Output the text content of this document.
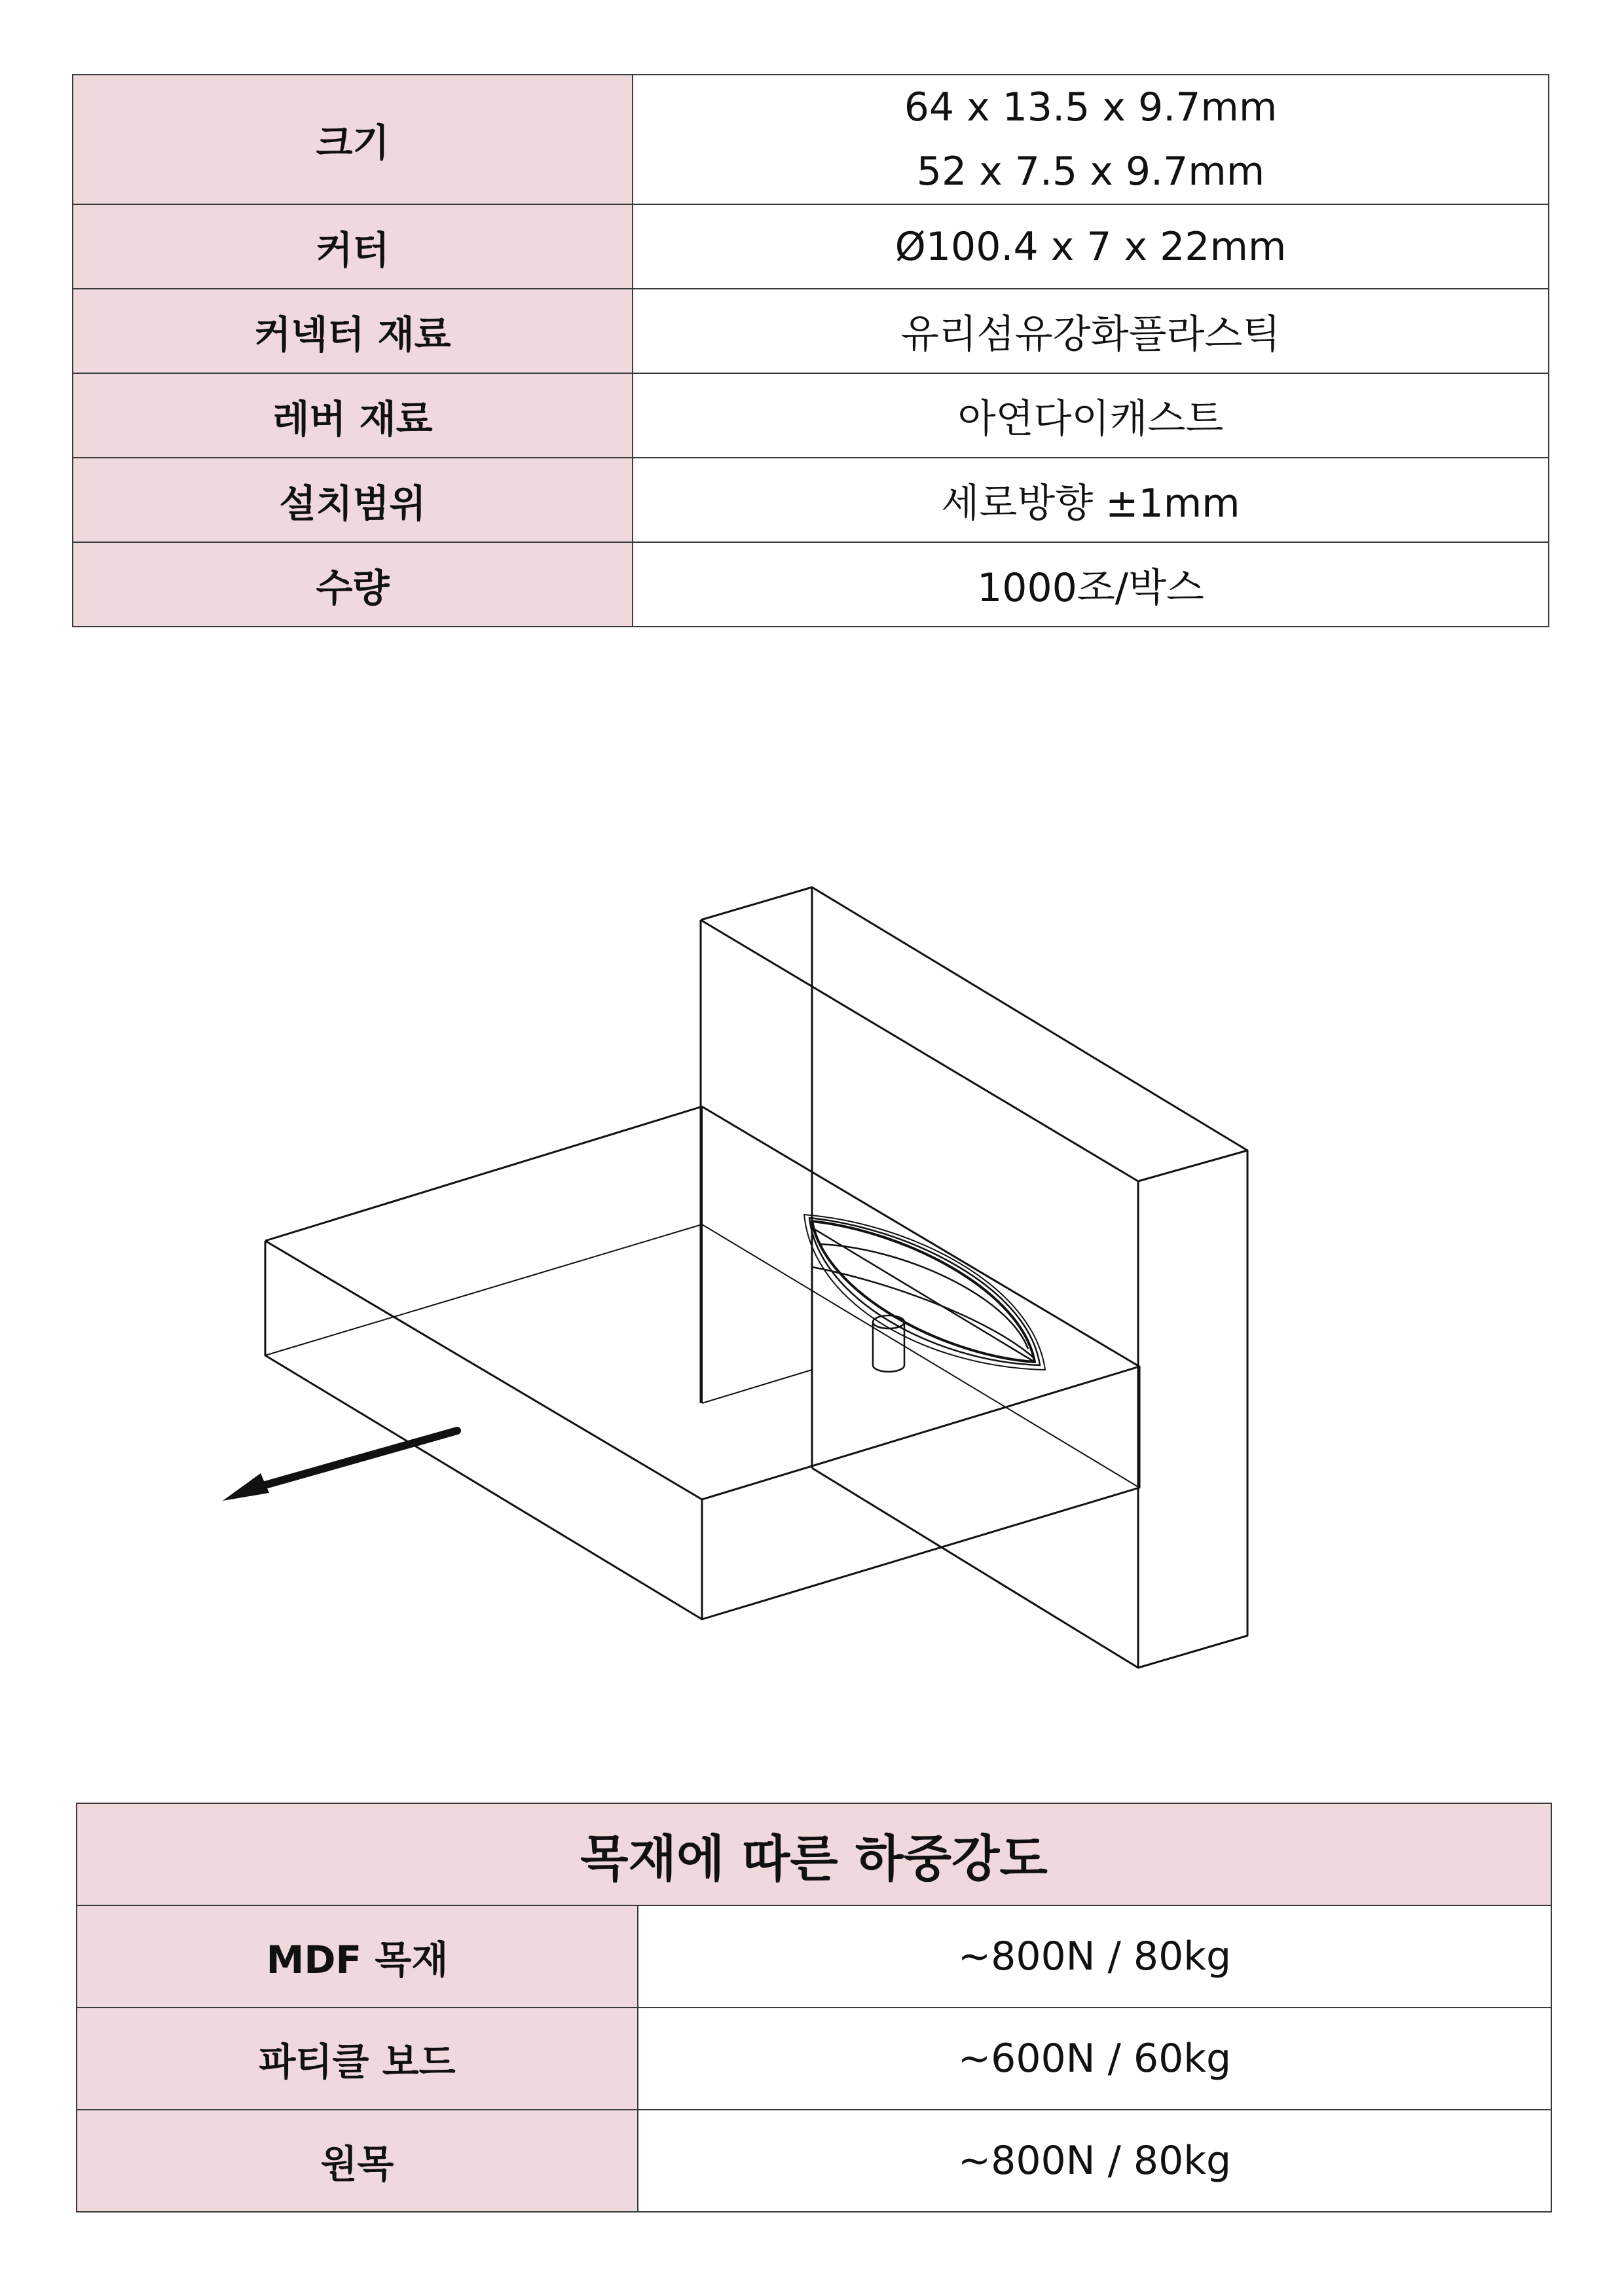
크기	64 x 13.5 x 9.7mm
52 x 7.5 x 9.7mm

커터	Ø100.4 x 7 x 22mm
커넥터 재료	유리섬유강화플라스틱
레버 재료	아연다이캐스트
설치범위	세로방향 ±1mm
수량	1000조/박스
목재에 따른 하중강도	
MDF 목재	~800N / 80kg
파티클 보드	~600N / 60kg
원목	~800N / 80kg
